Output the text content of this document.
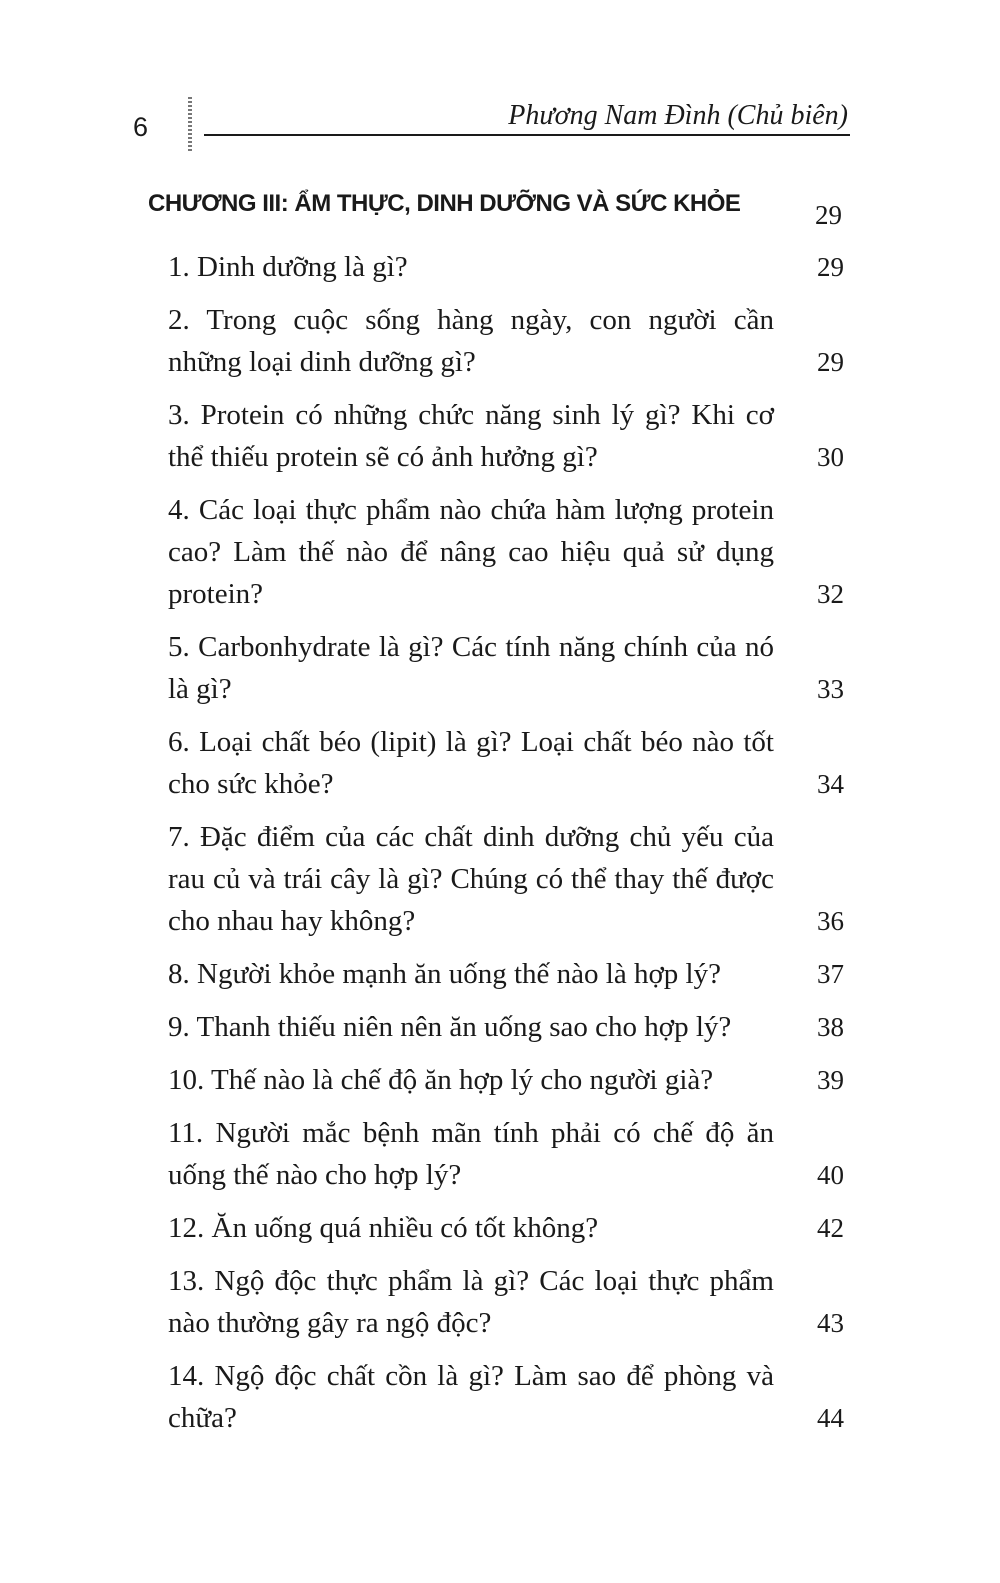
6	Phương Nam Đình (Chủ biên)
CHƯƠNG III: ẨM THỰC, DINH DƯỠNG VÀ SỨC KHỎE	29
1. Dinh dưỡng là gì?	29
2. Trong cuộc sống hàng ngày, con người cần những loại dinh dưỡng gì?	29
3. Protein có những chức năng sinh lý gì? Khi cơ thể thiếu protein sẽ có ảnh hưởng gì?	30
4. Các loại thực phẩm nào chứa hàm lượng protein cao? Làm thế nào để nâng cao hiệu quả sử dụng protein?	32
5. Carbonhydrate là gì? Các tính năng chính của nó là gì?	33
6. Loại chất béo (lipit) là gì? Loại chất béo nào tốt cho sức khỏe?	34
7. Đặc điểm của các chất dinh dưỡng chủ yếu của rau củ và trái cây là gì? Chúng có thể thay thế được cho nhau hay không?	36
8. Người khỏe mạnh ăn uống thế nào là hợp lý?	37
9. Thanh thiếu niên nên ăn uống sao cho hợp lý?	38
10. Thế nào là chế độ ăn hợp lý cho người già?	39
11. Người mắc bệnh mãn tính phải có chế độ ăn uống thế nào cho hợp lý?	40
12. Ăn uống quá nhiều có tốt không?	42
13. Ngộ độc thực phẩm là gì? Các loại thực phẩm nào thường gây ra ngộ độc?	43
14. Ngộ độc chất cồn là gì? Làm sao để phòng và chữa?	44
